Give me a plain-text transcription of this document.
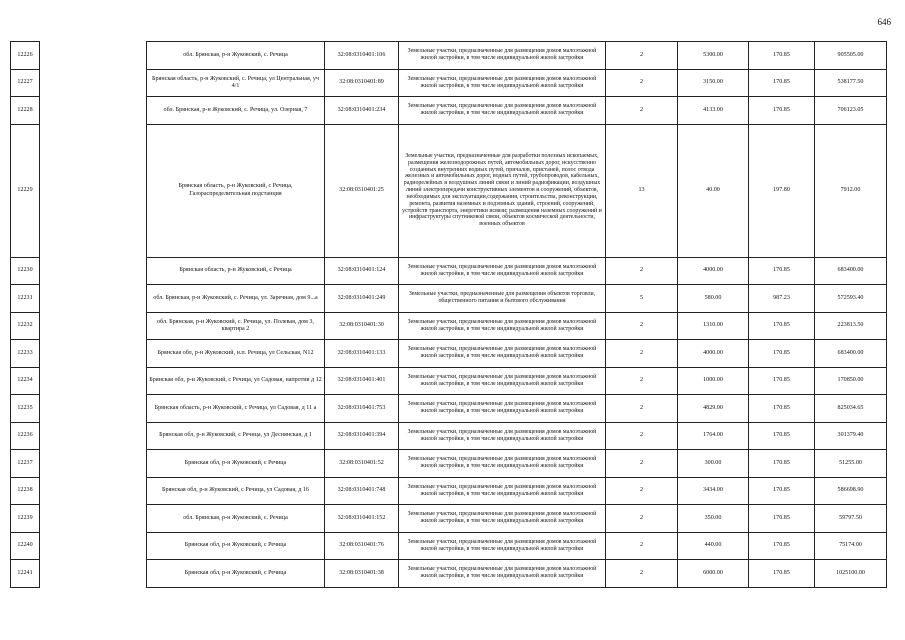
646
12226		обл. Брянская, р-н Жуковский, с. Речица	32:08:0310401:106	Земельные участки, предназначенные для размещения домов малоэтажной жилой застройки, в том числе индивидуальной жилой застройки	2	5300.00	170.85	905505.00
12227		Брянская область, р-н Жуковский, с. Речица, ул Центральная, уч 4/1	32:08:0310401:89	Земельные участки, предназначенные для размещения домов малоэтажной жилой застройки, в том числе индивидуальной жилой застройки	2	3150.00	170.85	538177.50
12228		обл. Брянская, р-н Жуковский, с. Речица, ул. Озерная, 7	32:08:0310401:234	Земельные участки, предназначенные для размещения домов малоэтажной жилой застройки, в том числе индивидуальной жилой застройки	2	4133.00	170.85	706123.05
12229		Брянская область, р-н Жуковский, с Речица, Газораспределительная подстанция	32:08:0310401:25	Земельные участки, предназначенные для разработки полезных ископаемых, размещения железнодорожных путей, автомобильных дорог, искусственно созданных внутренних водных путей, причалов, пристаней, полос отвода железных и автомобильных дорог, водных путей, трубопроводов, кабельных, радиорелейных и воздушных линий связи и линий радиофикации, воздушных линий электропередачи конструктивных элементов и сооружений, объектов, необходимых для эксплуатации,содержания, строительства, реконструкции, ремонта, развития наземных и подземных зданий, строений, сооружений, устройств транспорта, энергетики исвязи; размещения наземных сооружений и инфраструктуры спутниковой связи, объектов космической деятельности, военных объектов	13	40.00	197.80	7912.00
12230		Брянская область, р-н Жуковский, с Речица	32:08:0310401:124	Земельные участки, предназначенные для размещения домов малоэтажной жилой застройки, в том числе индивидуальной жилой застройки	2	4000.00	170.85	683400.00
12231		обл. Брянская, р-н Жуковский, с. Речица, ул. Заречная, дом 9...а	32:08:0310401:249	Земельные участки, предназначенные для размещения объектов торговли, общественного питания и бытового обслуживания	5	580.00	987.23	572593.40
12232		обл. Брянская, р-н Жуковский, с. Речица, ул. Полевая, дом 3, квартира 2	32:08:0310401:30	Земельные участки, предназначенные для размещения домов малоэтажной жилой застройки, в том числе индивидуальной жилой застройки	2	1310.00	170.85	223813.50
12233		Брянская обл, р-н Жуковский, н.п. Речица, ул Сельская, N12	32:08:0310401:133	Земельные участки, предназначенные для размещения домов малоэтажной жилой застройки, в том числе индивидуальной жилой застройки	2	4000.00	170.85	683400.00
12234		Брянская обл, р-н Жуковский, с Речица, ул Садовая, напротив д 12	32:08:0310401:401	Земельные участки, предназначенные для размещения домов малоэтажной жилой застройки, в том числе индивидуальной жилой застройки	2	1000.00	170.85	170850.00
12235		Брянская область, р-н Жуковский, с Речица, ул Садовая, д 11 а	32:08:0310401:753	Земельные участки, предназначенные для размещения домов малоэтажной жилой застройки, в том числе индивидуальной жилой застройки	2	4829.00	170.85	825034.65
12236		Брянская обл, р-н Жуковский, с Речица, ул Деснянская, д 1	32:08:0310401:394	Земельные участки, предназначенные для размещения домов малоэтажной жилой застройки, в том числе индивидуальной жилой застройки	2	1764.00	170.85	301379.40
12237		Брянская обл, р-н Жуковский, с Речица	32:08:0310401:52	Земельные участки, предназначенные для размещения домов малоэтажной жилой застройки, в том числе индивидуальной жилой застройки	2	300.00	170.85	51255.00
12238		Брянская обл, р-н Жуковский, с Речица, ул Садовая, д 16	32:08:0310401:748	Земельные участки, предназначенные для размещения домов малоэтажной жилой застройки, в том числе индивидуальной жилой застройки	2	3434.00	170.85	586698.90
12239		обл. Брянская, р-н Жуковский, с. Речица	32:08:0310401:152	Земельные участки, предназначенные для размещения домов малоэтажной жилой застройки, в том числе индивидуальной жилой застройки	2	350.00	170.85	59797.50
12240		Брянская обл, р-н Жуковский, с Речица	32:08:0310401:76	Земельные участки, предназначенные для размещения домов малоэтажной жилой застройки, в том числе индивидуальной жилой застройки	2	440.00	170.85	75174.00
12241		Брянская обл, р-н Жуковский, с Речица	32:08:0310401:38	Земельные участки, предназначенные для размещения домов малоэтажной жилой застройки, в том числе индивидуальной жилой застройки	2	6000.00	170.85	1025100.00
